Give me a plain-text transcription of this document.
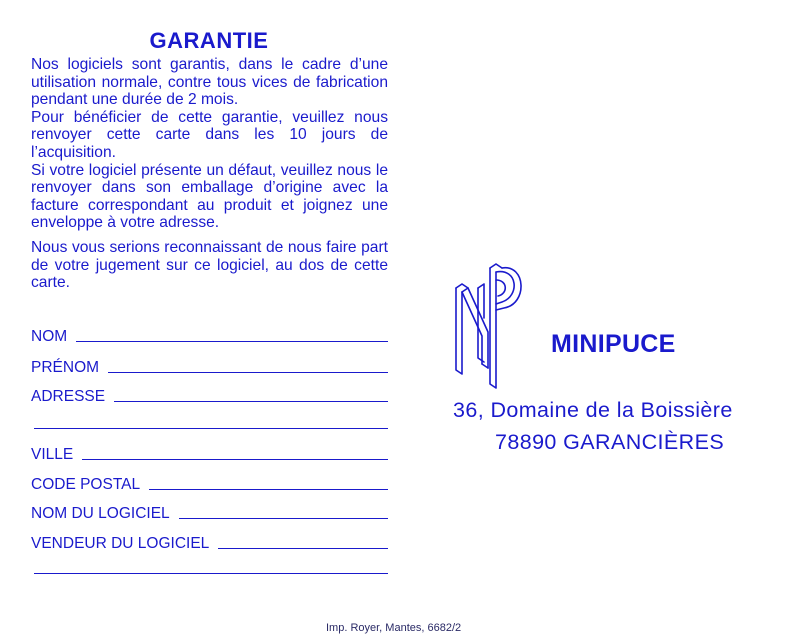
GARANTIE

Nos logiciels sont garantis, dans le cadre d’une utilisation normale, contre tous vices de fabrication pendant une durée de 2 mois.

Pour bénéficier de cette garantie, veuillez nous renvoyer cette carte dans les 10 jours de l’acquisition.

Si votre logiciel présente un défaut, veuillez nous le renvoyer dans son emballage d’origine avec la facture correspondant au produit et joignez une enveloppe à votre adresse.

Nous vous serions reconnaissant de nous faire part de votre jugement sur ce logiciel, au dos de cette carte.

NOM
PRÉNOM
ADRESSE
VILLE
CODE POSTAL
NOM DU LOGICIEL
VENDEUR DU LOGICIEL
MINIPUCE
36, Domaine de la Boissière
78890 GARANCIÈRES
Imp. Royer, Mantes, 6682/2
